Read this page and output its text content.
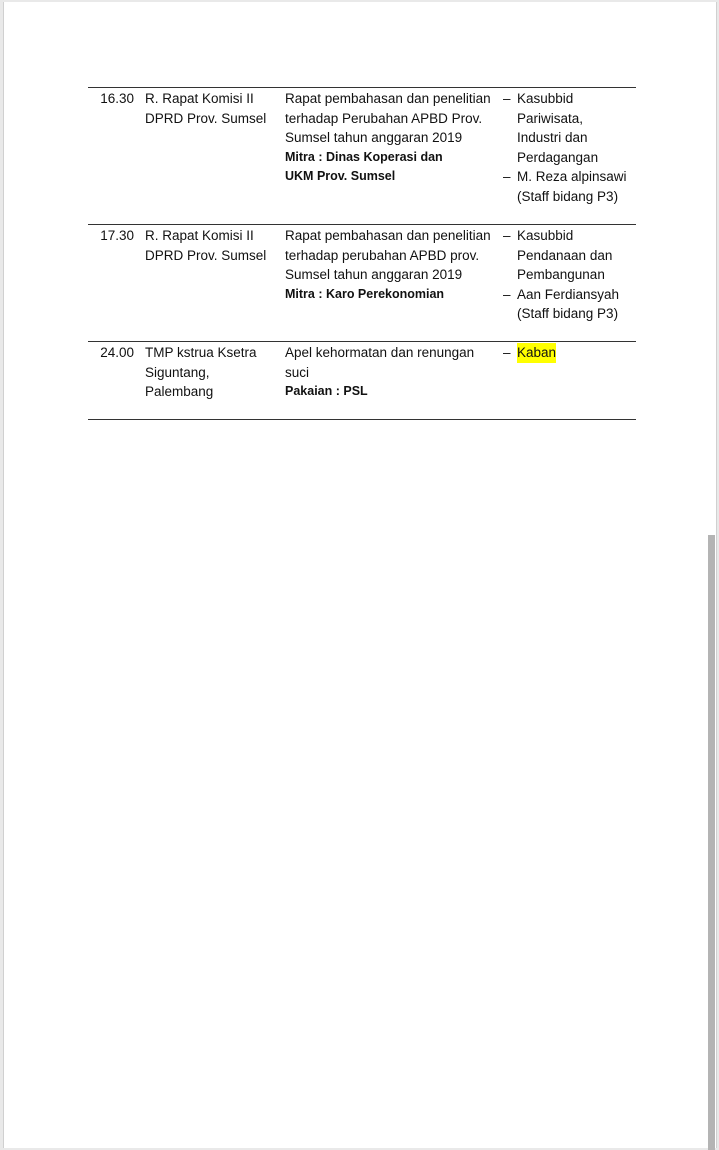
16.30 R. Rapat Komisi II
DPRD Prov. Sumsel
Rapat pembahasan dan penelitian
terhadap Perubahan APBD Prov.
Sumsel tahun anggaran 2019
Mitra : Dinas Koperasi dan
UKM Prov. Sumsel
– Kasubbid
Pariwisata,
Industri dan
Perdagangan
– M. Reza alpinsawi
(Staff bidang P3)
17.30 R. Rapat Komisi II
DPRD Prov. Sumsel
Rapat pembahasan dan penelitian
terhadap perubahan APBD prov.
Sumsel tahun anggaran 2019
Mitra : Karo Perekonomian
– Kasubbid
Pendanaan dan
Pembangunan
– Aan Ferdiansyah
(Staff bidang P3)
24.00 TMP kstrua Ksetra
Siguntang,
Palembang
Apel kehormatan dan renungan
suci
Pakaian : PSL
– Kaban
